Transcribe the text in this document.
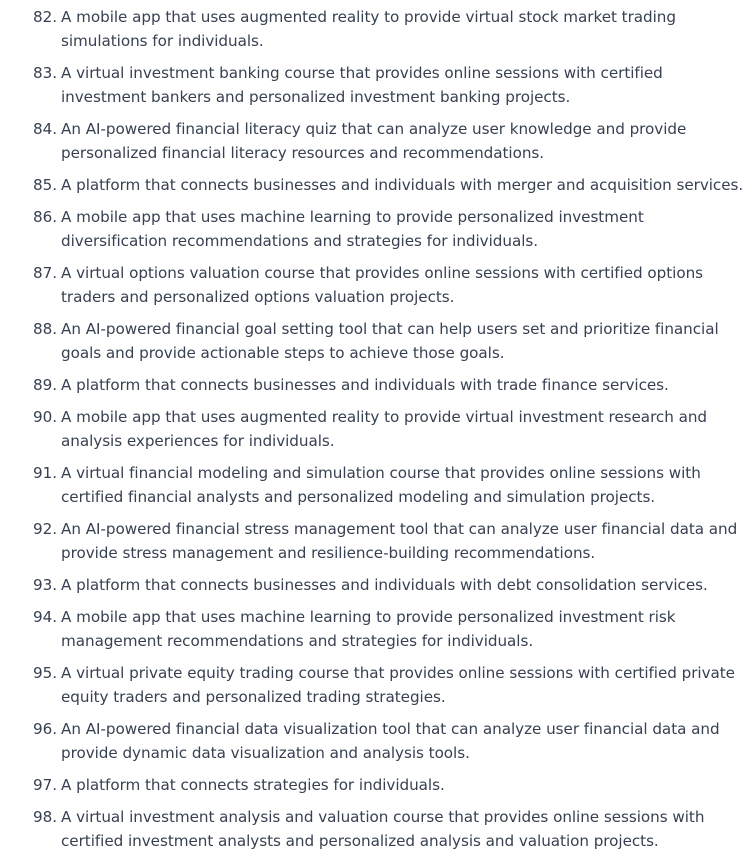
82. A mobile app that uses augmented reality to provide virtual stock market trading simulations for individuals.
83. A virtual investment banking course that provides online sessions with certified investment bankers and personalized investment banking projects.
84. An AI-powered financial literacy quiz that can analyze user knowledge and provide personalized financial literacy resources and recommendations.
85. A platform that connects businesses and individuals with merger and acquisition services.
86. A mobile app that uses machine learning to provide personalized investment diversification recommendations and strategies for individuals.
87. A virtual options valuation course that provides online sessions with certified options traders and personalized options valuation projects.
88. An AI-powered financial goal setting tool that can help users set and prioritize financial goals and provide actionable steps to achieve those goals.
89. A platform that connects businesses and individuals with trade finance services.
90. A mobile app that uses augmented reality to provide virtual investment research and analysis experiences for individuals.
91. A virtual financial modeling and simulation course that provides online sessions with certified financial analysts and personalized modeling and simulation projects.
92. An AI-powered financial stress management tool that can analyze user financial data and provide stress management and resilience-building recommendations.
93. A platform that connects businesses and individuals with debt consolidation services.
94. A mobile app that uses machine learning to provide personalized investment risk management recommendations and strategies for individuals.
95. A virtual private equity trading course that provides online sessions with certified private equity traders and personalized trading strategies.
96. An AI-powered financial data visualization tool that can analyze user financial data and provide dynamic data visualization and analysis tools.
97. A platform that connects strategies for individuals.
98. A virtual investment analysis and valuation course that provides online sessions with certified investment analysts and personalized analysis and valuation projects.
